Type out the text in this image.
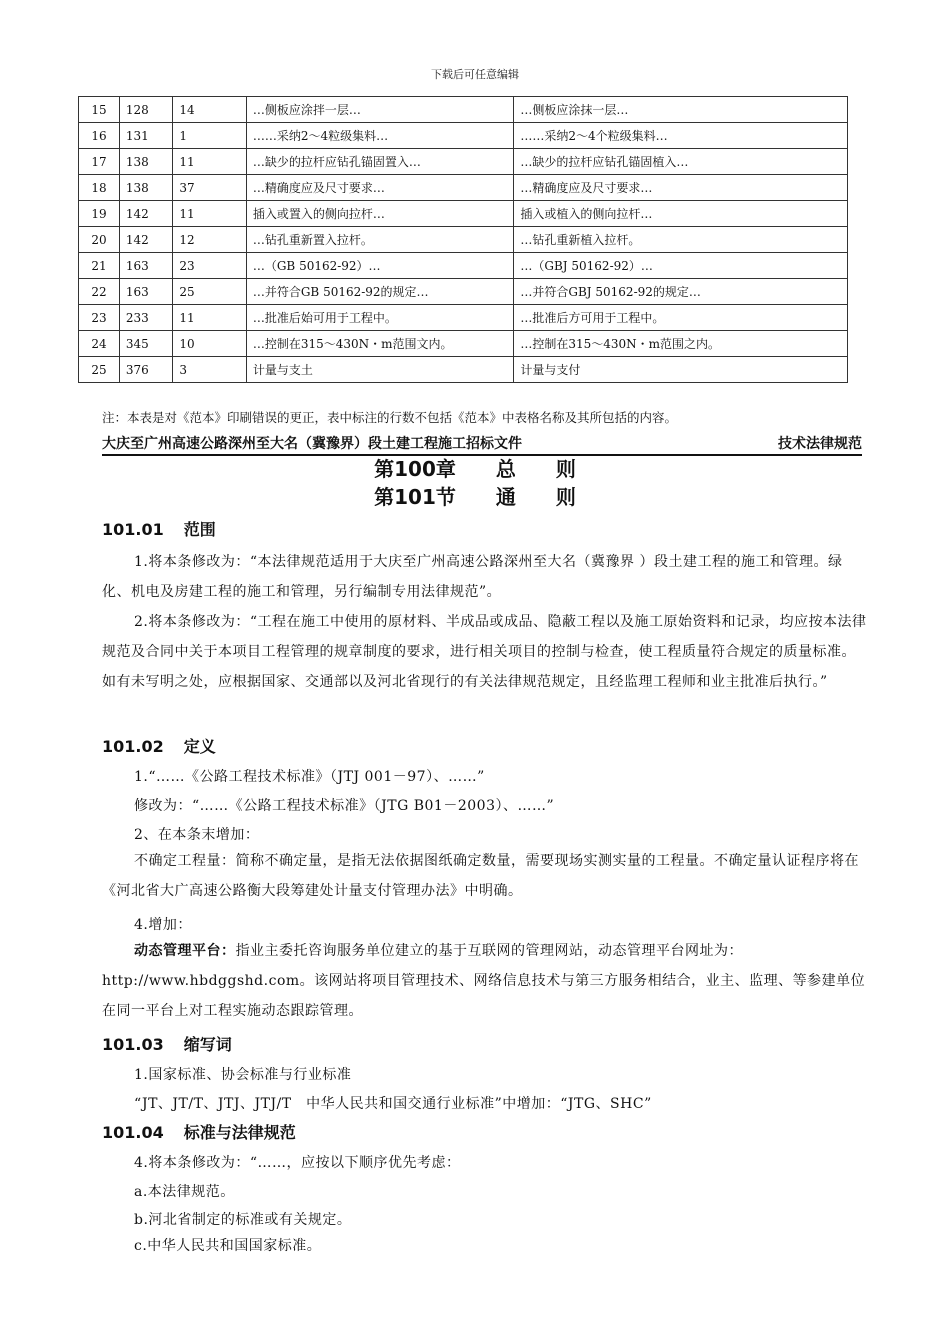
下载后可任意编辑
15	128	14	…侧板应涂拌一层…	…侧板应涂抹一层…
16	131	1	……采纳2～4粒级集料…	……采纳2～4个粒级集料…
17	138	11	…缺少的拉杆应钻孔锚固置入…	…缺少的拉杆应钻孔锚固植入…
18	138	37	…精确度应及尺寸要求…	…精确度应及尺寸要求…
19	142	11	插入或置入的侧向拉杆…	插入或植入的侧向拉杆…
20	142	12	…钻孔重新置入拉杆。	…钻孔重新植入拉杆。
21	163	23	…（GB 50162-92）…	…（GBJ 50162-92）…
22	163	25	…并符合GB 50162-92的规定…	…并符合GBJ 50162-92的规定…
23	233	11	…批准后始可用于工程中。	…批准后方可用于工程中。
24	345	10	…控制在315～430N・m范围文内。	…控制在315～430N・m范围之内。
25	376	3	计量与支土	计量与支付
注：本表是对《范本》印刷错误的更正，表中标注的行数不包括《范本》中表格名称及其所包括的内容。
大庆至广州高速公路深州至大名（冀豫界）段土建工程施工招标文件	技术法律规范
第100章　　总　　则
第101节　　通　　则
101.01 范围
1.将本条修改为：“本法律规范适用于大庆至广州高速公路深州至大名（冀豫界 ）段土建工程的施工和管理。绿化、机电及房建工程的施工和管理，另行编制专用法律规范”。
2.将本条修改为：“工程在施工中使用的原材料、半成品或成品、隐蔽工程以及施工原始资料和记录，均应按本法律规范及合同中关于本项目工程管理的规章制度的要求，进行相关项目的控制与检查，使工程质量符合规定的质量标准。如有未写明之处，应根据国家、交通部以及河北省现行的有关法律规范规定，且经监理工程师和业主批准后执行。”
101.02 定义
1.“……《公路工程技术标准》（JTJ 001－97）、……”
修改为：“……《公路工程技术标准》（JTG B01－2003）、……”
2、在本条末增加：
不确定工程量：简称不确定量，是指无法依据图纸确定数量，需要现场实测实量的工程量。不确定量认证程序将在《河北省大广高速公路衡大段筹建处计量支付管理办法》中明确。
4.增加：
动态管理平台：指业主委托咨询服务单位建立的基于互联网的管理网站，动态管理平台网址为：http://www.hbdggshd.com。该网站将项目管理技术、网络信息技术与第三方服务相结合，业主、监理、等参建单位在同一平台上对工程实施动态跟踪管理。
101.03 缩写词
1.国家标准、协会标准与行业标准
“JT、JT/T、JTJ、JTJ/T　中华人民共和国交通行业标准”中增加：“JTG、SHC”
101.04 标准与法律规范
4.将本条修改为：“……，应按以下顺序优先考虑：
a.本法律规范。
b.河北省制定的标准或有关规定。
c.中华人民共和国国家标准。
